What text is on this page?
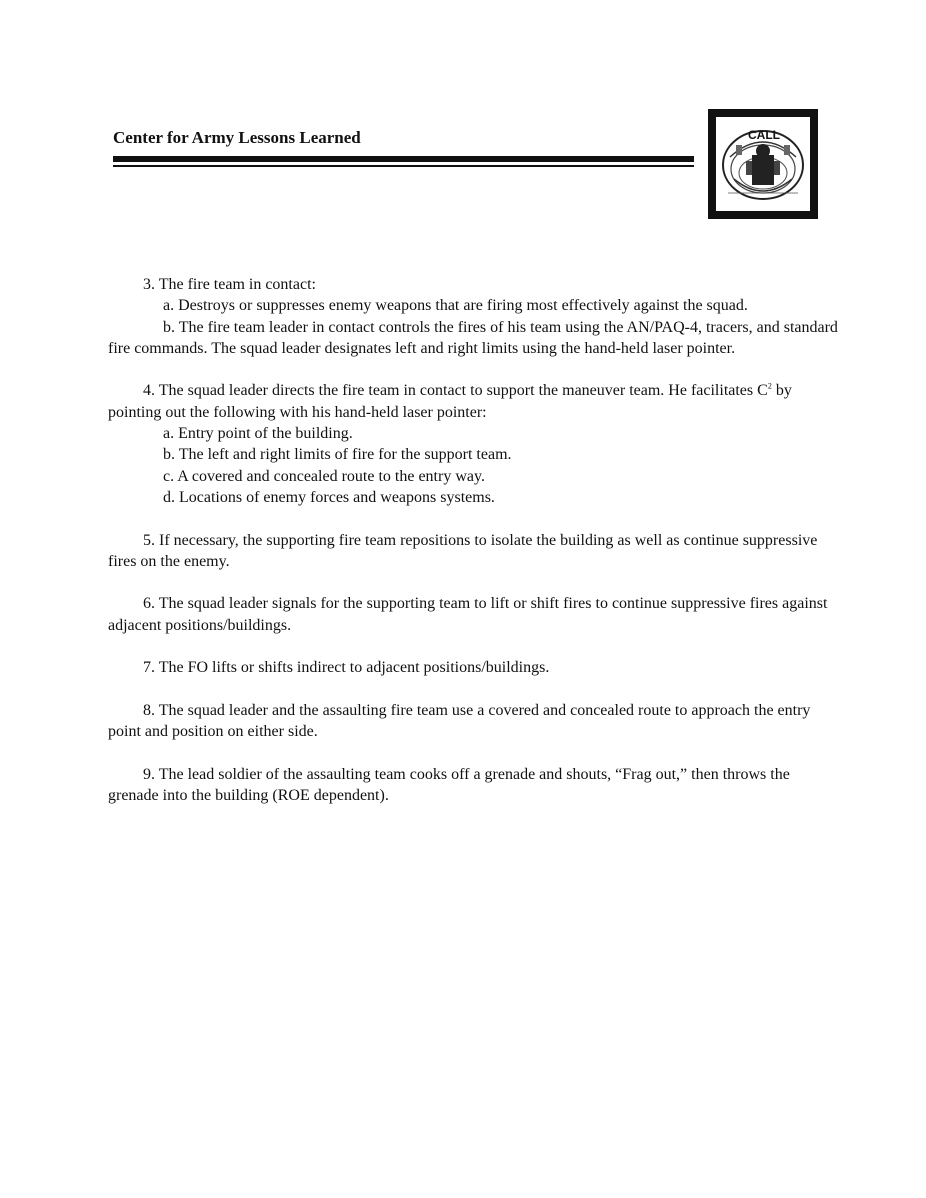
Center for Army Lessons Learned	CALL

3. The fire team in contact:

a. Destroys or suppresses enemy weapons that are firing most effectively against the squad.

b. The fire team leader in contact controls the fires of his team using the AN/PAQ-4, tracers, and standard fire commands. The squad leader designates left and right limits using the hand-held laser pointer.

4. The squad leader directs the fire team in contact to support the maneuver team. He facilitates $C^2$ by pointing out the following with his hand-held laser pointer:

a. Entry point of the building.

b. The left and right limits of fire for the support team.

c. A covered and concealed route to the entry way.

d. Locations of enemy forces and weapons systems.

5. If necessary, the supporting fire team repositions to isolate the building as well as continue suppressive fires on the enemy.

6. The squad leader signals for the supporting team to lift or shift fires to continue suppressive fires against adjacent positions/buildings.

7. The FO lifts or shifts indirect to adjacent positions/buildings.

8. The squad leader and the assaulting fire team use a covered and concealed route to approach the entry point and position on either side.

9. The lead soldier of the assaulting team cooks off a grenade and shouts, “Frag out,” then throws the grenade into the building (ROE dependent).
